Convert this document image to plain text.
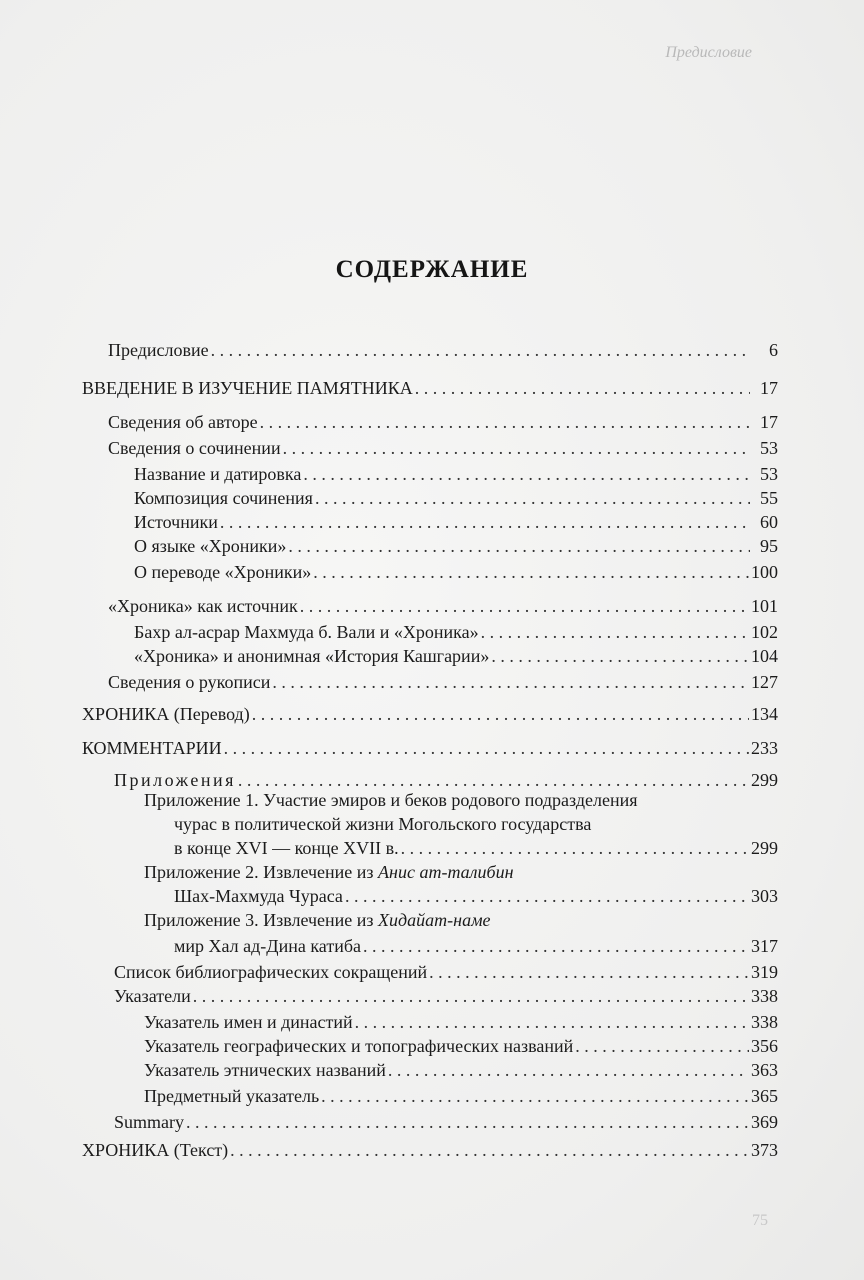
Предисловие
СОДЕРЖАНИЕ
Предисловие . . .	6
ВВЕДЕНИЕ В ИЗУЧЕНИЕ ПАМЯТНИКА . . .	17
Сведения об авторе . . .	17
Сведения о сочинении . . .	53
Название и датировка . . .	53
Композиция сочинения . . .	55
Источники . . .	60
О языке «Хроники» . . .	95
О переводе «Хроники» . . .	100
«Хроника» как источник . . .	101
Бахр ал-асрар Махмуда б. Вали и «Хроника» . . .	102
«Хроника» и анонимная «История Кашгарии» . . .	104
Сведения о рукописи . . .	127
ХРОНИКА (Перевод) . . .	134
КОММЕНТАРИИ . . .	233
Приложения . . .	299
Приложение 1. Участие эмиров и беков родового подразделения
чурас в политической жизни Могольского государства
в конце XVI — конце XVII в. . . .	299
Приложение 2. Извлечение из Анис ат-талибин
Шах-Махмуда Чураса . . .	303
Приложение 3. Извлечение из Хидайат-наме
мир Хал ад-Дина катиба . . .	317
Список библиографических сокращений . . .	319
Указатели . . .	338
Указатель имен и династий . . .	338
Указатель географических и топографических названий . . .	356
Указатель этнических названий . . .	363
Предметный указатель . . .	365
Summary . . .	369
ХРОНИКА (Текст) . . .	373
75
